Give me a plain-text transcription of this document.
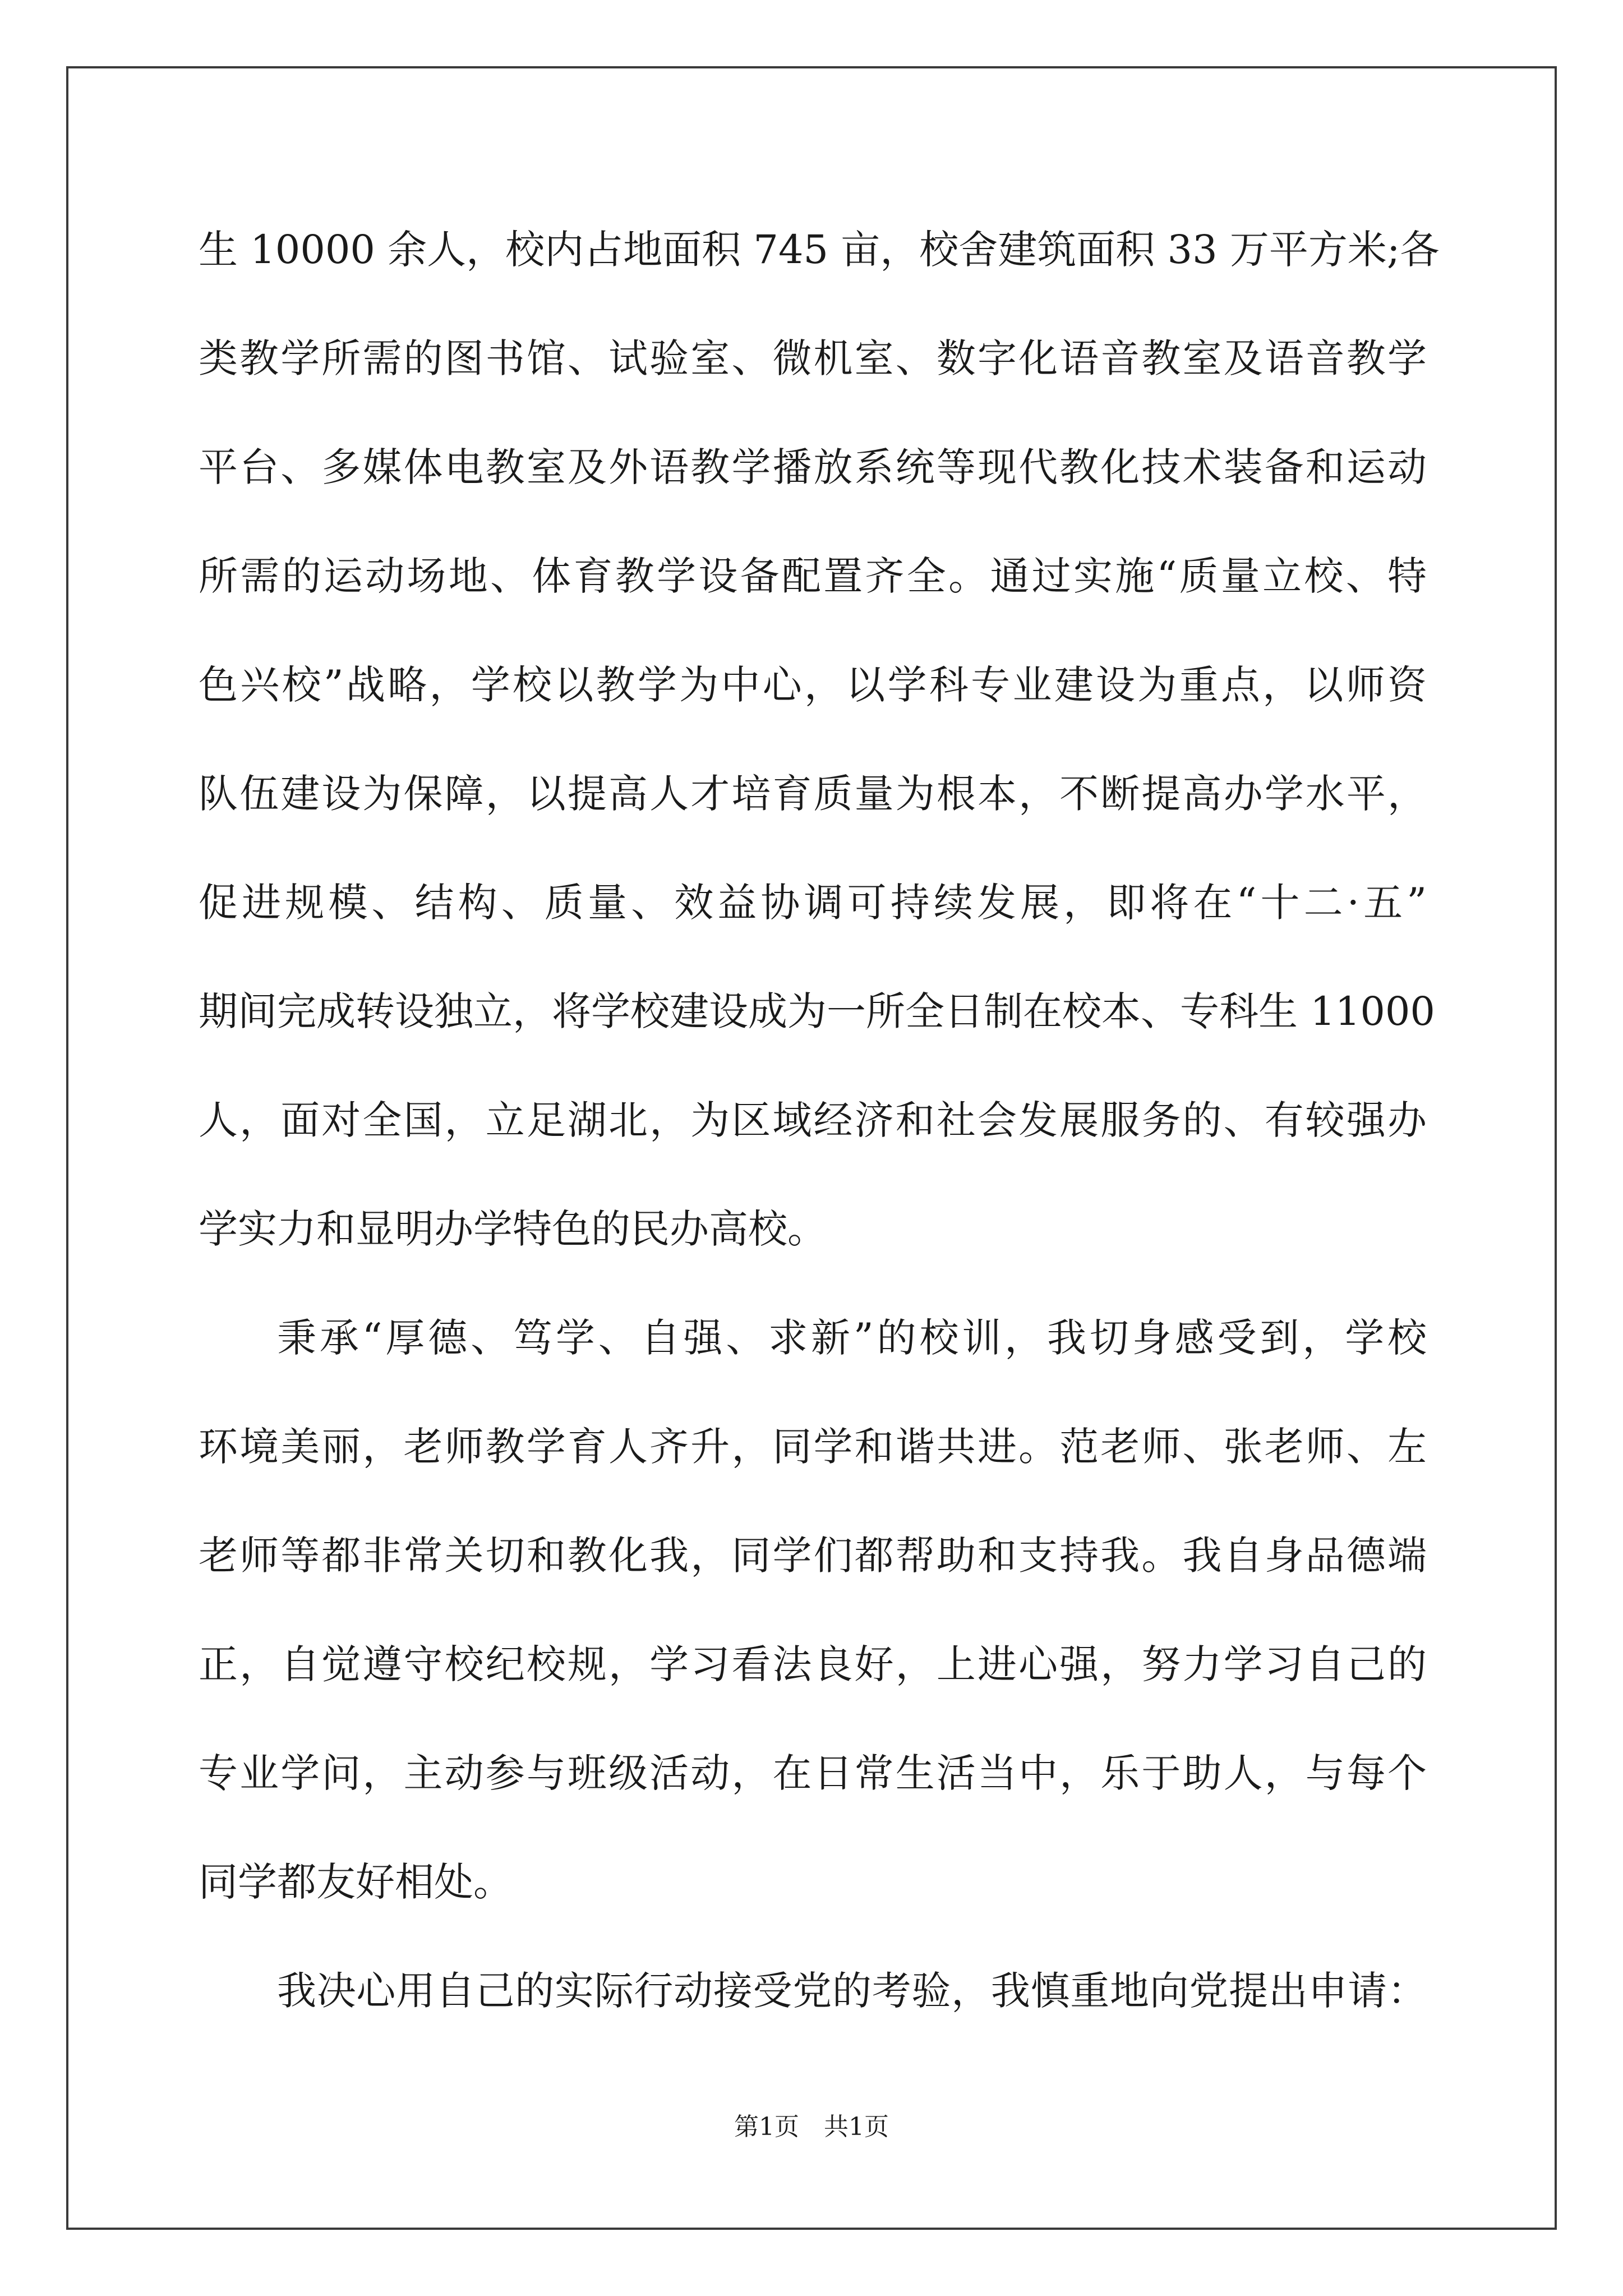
生 10000 余人，校内占地面积 745 亩，校舍建筑面积 33 万平方米;各
类教学所需的图书馆、试验室、微机室、数字化语音教室及语音教学
平台、多媒体电教室及外语教学播放系统等现代教化技术装备和运动
所需的运动场地、体育教学设备配置齐全。通过实施“质量立校、特
色兴校”战略，学校以教学为中心，以学科专业建设为重点，以师资
队伍建设为保障，以提高人才培育质量为根本，不断提高办学水平，
促进规模、结构、质量、效益协调可持续发展，即将在“十二·五”
期间完成转设独立，将学校建设成为一所全日制在校本、专科生 11000
人，面对全国，立足湖北，为区域经济和社会发展服务的、有较强办
学实力和显明办学特色的民办高校。
秉承“厚德、笃学、自强、求新”的校训，我切身感受到，学校
环境美丽，老师教学育人齐升，同学和谐共进。范老师、张老师、左
老师等都非常关切和教化我，同学们都帮助和支持我。我自身品德端
正，自觉遵守校纪校规，学习看法良好，上进心强，努力学习自己的
专业学问，主动参与班级活动，在日常生活当中，乐于助人，与每个
同学都友好相处。
我决心用自己的实际行动接受党的考验，我慎重地向党提出申请：
第1页 共1页
